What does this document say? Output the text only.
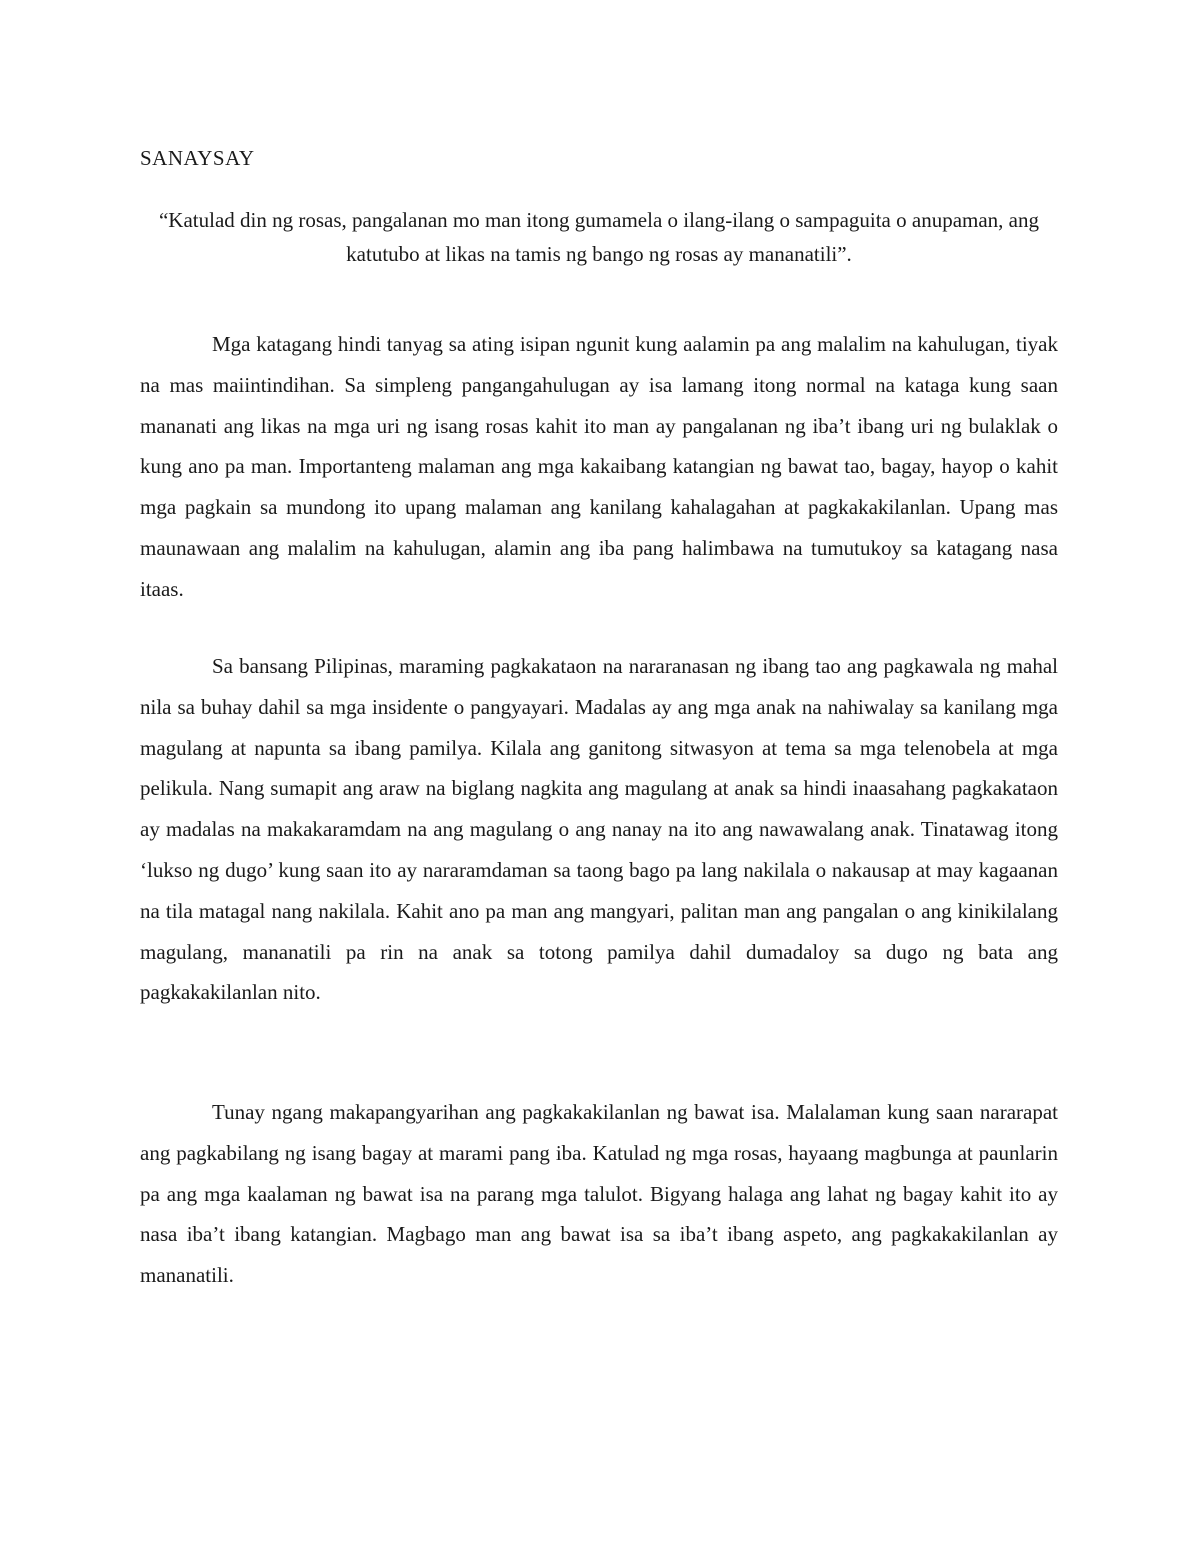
SANAYSAY

“Katulad din ng rosas, pangalanan mo man itong gumamela o ilang-ilang o sampaguita o anupaman, ang katutubo at likas na tamis ng bango ng rosas ay mananatili”.

Mga katagang hindi tanyag sa ating isipan ngunit kung aalamin pa ang malalim na kahulugan, tiyak na mas maiintindihan. Sa simpleng pangangahulugan ay isa lamang itong normal na kataga kung saan mananati ang likas na mga uri ng isang rosas kahit ito man ay pangalanan ng iba’t ibang uri ng bulaklak o kung ano pa man. Importanteng malaman ang mga kakaibang katangian ng bawat tao, bagay, hayop o kahit mga pagkain sa mundong ito upang malaman ang kanilang kahalagahan at pagkakakilanlan. Upang mas maunawaan ang malalim na kahulugan, alamin ang iba pang halimbawa na tumutukoy sa katagang nasa itaas.

Sa bansang Pilipinas, maraming pagkakataon na nararanasan ng ibang tao ang pagkawala ng mahal nila sa buhay dahil sa mga insidente o pangyayari. Madalas ay ang mga anak na nahiwalay sa kanilang mga magulang at napunta sa ibang pamilya. Kilala ang ganitong sitwasyon at tema sa mga telenobela at mga pelikula. Nang sumapit ang araw na biglang nagkita ang magulang at anak sa hindi inaasahang pagkakataon ay madalas na makakaramdam na ang magulang o ang nanay na ito ang nawawalang anak. Tinatawag itong ‘lukso ng dugo’ kung saan ito ay nararamdaman sa taong bago pa lang nakilala o nakausap at may kagaanan na tila matagal nang nakilala. Kahit ano pa man ang mangyari, palitan man ang pangalan o ang kinikilalang magulang, mananatili pa rin na anak sa totong pamilya dahil dumadaloy sa dugo ng bata ang pagkakakilanlan nito.

Tunay ngang makapangyarihan ang pagkakakilanlan ng bawat isa. Malalaman kung saan nararapat ang pagkabilang ng isang bagay at marami pang iba. Katulad ng mga rosas, hayaang magbunga at paunlarin pa ang mga kaalaman ng bawat isa na parang mga talulot. Bigyang halaga ang lahat ng bagay kahit ito ay nasa iba’t ibang katangian. Magbago man ang bawat isa sa iba’t ibang aspeto, ang pagkakakilanlan ay mananatili.
